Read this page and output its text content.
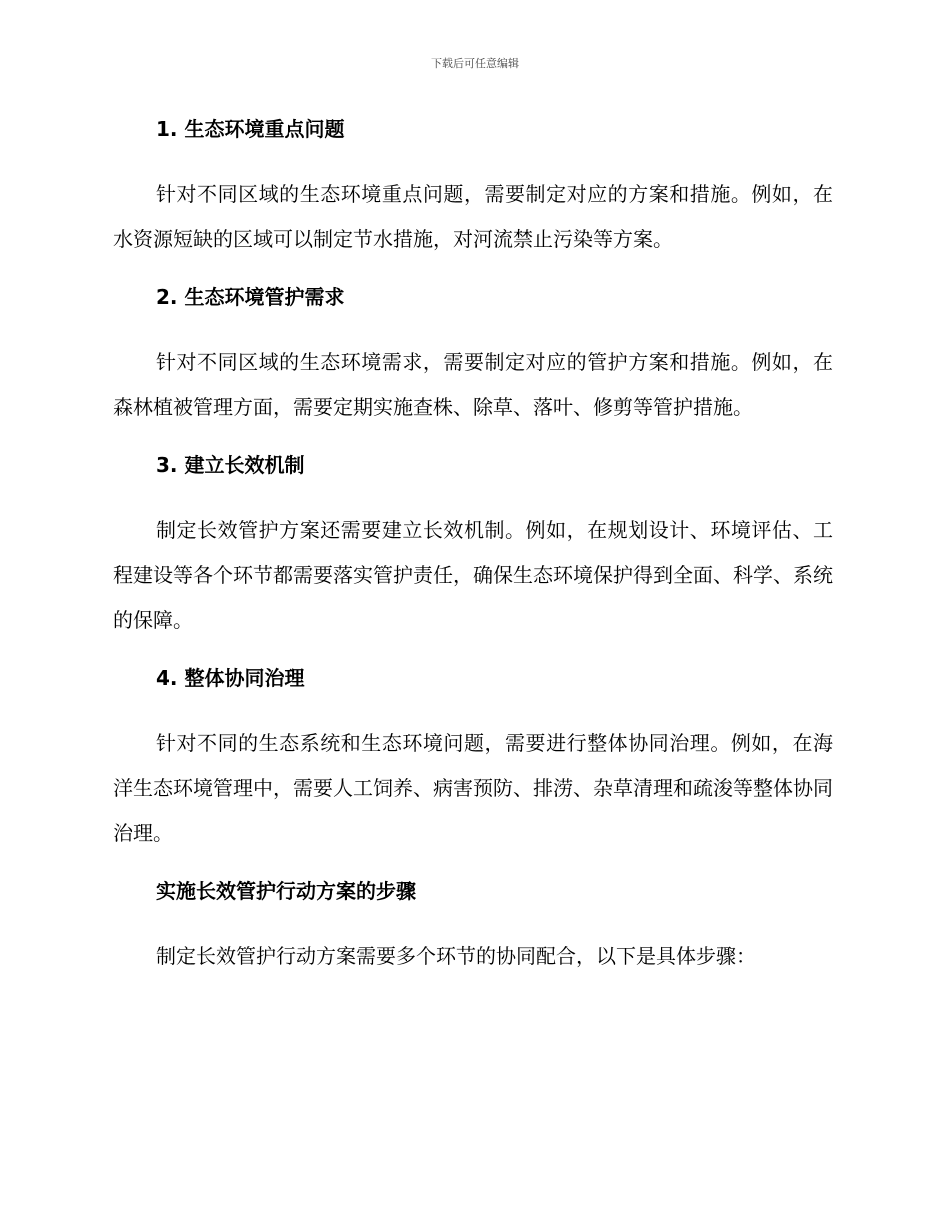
下载后可任意编辑
1. 生态环境重点问题

针对不同区域的生态环境重点问题，需要制定对应的方案和措施。例如，在水资源短缺的区域可以制定节水措施，对河流禁止污染等方案。

2. 生态环境管护需求

针对不同区域的生态环境需求，需要制定对应的管护方案和措施。例如，在森林植被管理方面，需要定期实施查株、除草、落叶、修剪等管护措施。

3. 建立长效机制

制定长效管护方案还需要建立长效机制。例如，在规划设计、环境评估、工程建设等各个环节都需要落实管护责任，确保生态环境保护得到全面、科学、系统的保障。

4. 整体协同治理

针对不同的生态系统和生态环境问题，需要进行整体协同治理。例如，在海洋生态环境管理中，需要人工饲养、病害预防、排涝、杂草清理和疏浚等整体协同治理。

实施长效管护行动方案的步骤

制定长效管护行动方案需要多个环节的协同配合，以下是具体步骤：
